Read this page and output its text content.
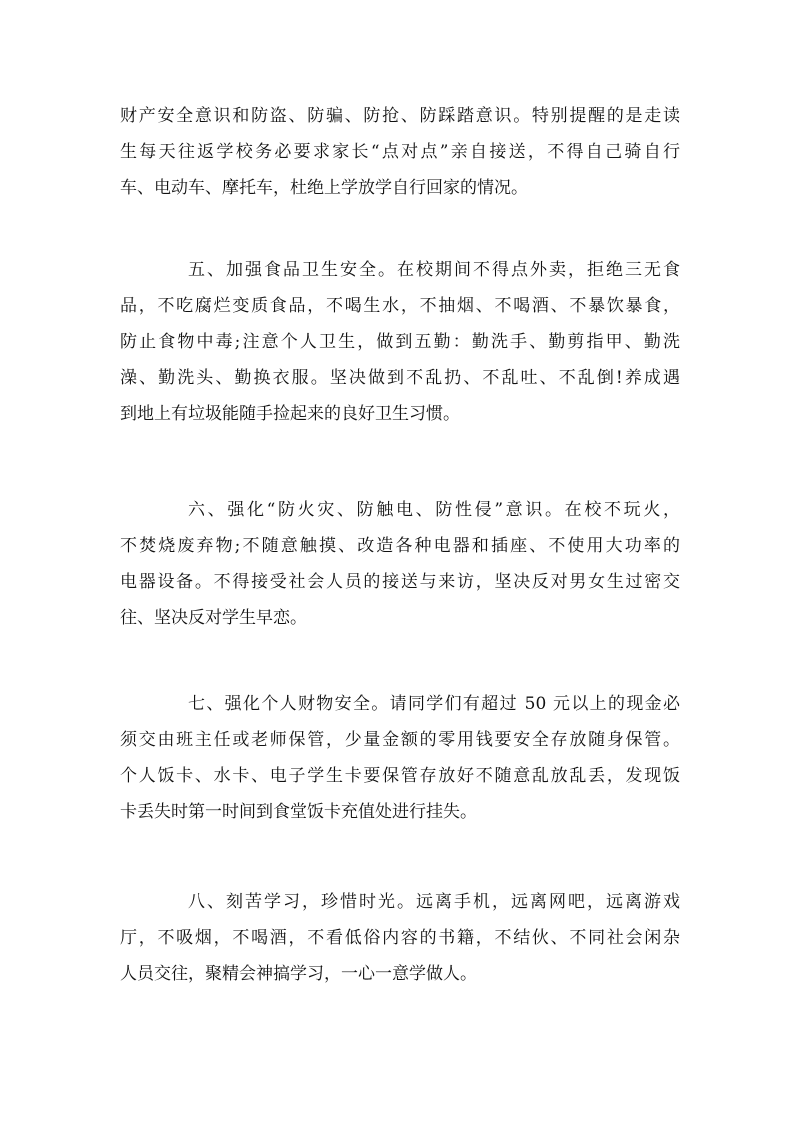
财产安全意识和防盗、防骗、防抢、防踩踏意识。特别提醒的是走读
生每天往返学校务必要求家长“点对点”亲自接送，不得自己骑自行
车、电动车、摩托车，杜绝上学放学自行回家的情况。
五、加强食品卫生安全。在校期间不得点外卖，拒绝三无食
品，不吃腐烂变质食品，不喝生水，不抽烟、不喝酒、不暴饮暴食，
防止食物中毒;注意个人卫生，做到五勤：勤洗手、勤剪指甲、勤洗
澡、勤洗头、勤换衣服。坚决做到不乱扔、不乱吐、不乱倒!养成遇
到地上有垃圾能随手捡起来的良好卫生习惯。
六、强化“防火灾、防触电、防性侵”意识。在校不玩火，
不焚烧废弃物;不随意触摸、改造各种电器和插座、不使用大功率的
电器设备。不得接受社会人员的接送与来访，坚决反对男女生过密交
往、坚决反对学生早恋。
七、强化个人财物安全。请同学们有超过 50 元以上的现金必
须交由班主任或老师保管，少量金额的零用钱要安全存放随身保管。
个人饭卡、水卡、电子学生卡要保管存放好不随意乱放乱丢，发现饭
卡丢失时第一时间到食堂饭卡充值处进行挂失。
八、刻苦学习，珍惜时光。远离手机，远离网吧，远离游戏
厅，不吸烟，不喝酒，不看低俗内容的书籍，不结伙、不同社会闲杂
人员交往，聚精会神搞学习，一心一意学做人。
